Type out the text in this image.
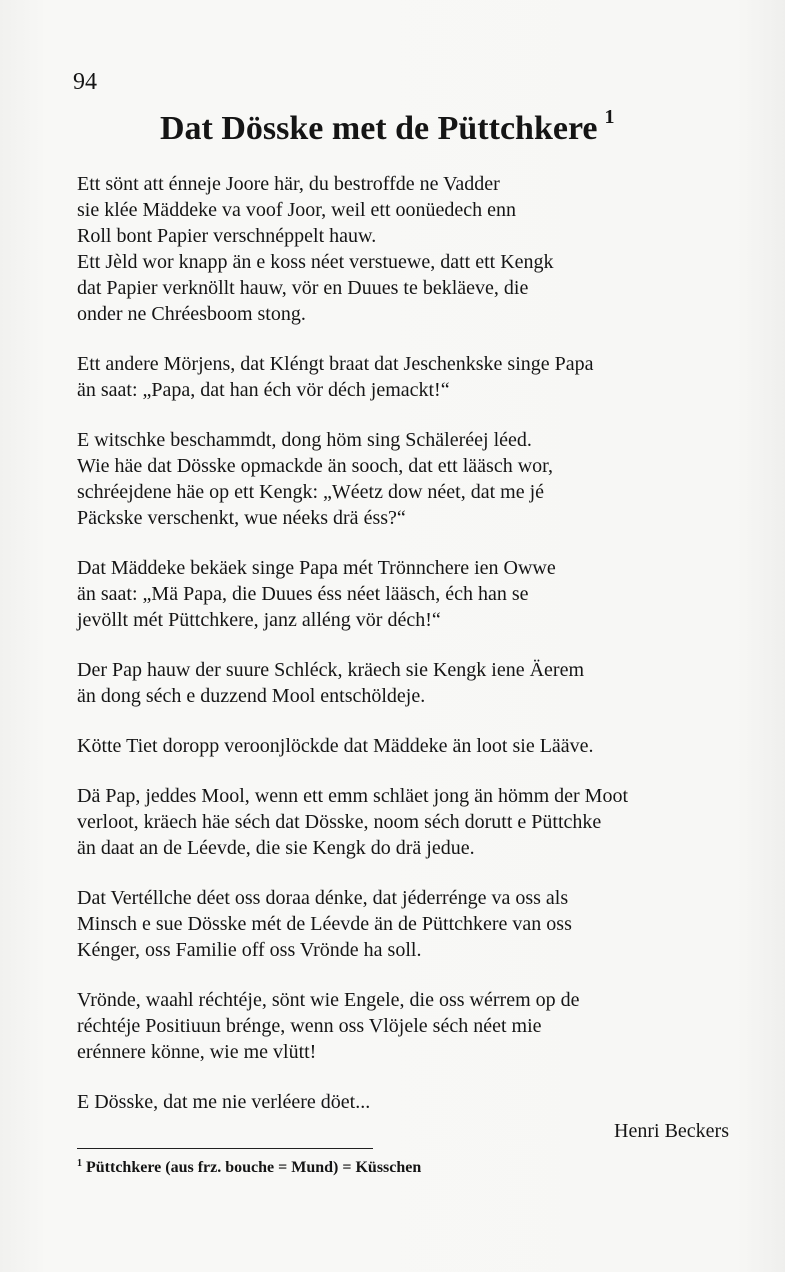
94
Dat Dösske met de Püttchkere $^1$

Ett sönt att énneje Joore här, du bestroffde ne Vadder
sie klée Mäddeke va voof Joor, weil ett oonüedech enn
Roll bont Papier verschnéppelt hauw.
Ett Jèld wor knapp än e koss néet verstuewe, datt ett Kengk
dat Papier verknöllt hauw, vör en Duues te bekläeve, die
onder ne Chréesboom stong.

Ett andere Mörjens, dat Kléngt braat dat Jeschenkske singe Papa
än saat: „Papa, dat han éch vör déch jemackt!“

E witschke beschammdt, dong höm sing Schäleréej léed.
Wie häe dat Dösske opmackde än sooch, dat ett lääsch wor,
schréejdene häe op ett Kengk: „Wéetz dow néet, dat me jé
Päckske verschenkt, wue néeks drä éss?“

Dat Mäddeke bekäek singe Papa mét Trönnchere ien Owwe
än saat: „Mä Papa, die Duues éss néet lääsch, éch han se
jevöllt mét Püttchkere, janz alléng vör déch!“

Der Pap hauw der suure Schléck, kräech sie Kengk iene Äerem
än dong séch e duzzend Mool entschöldeje.

Kötte Tiet doropp veroonjlöckde dat Mäddeke än loot sie Lääve.

Dä Pap, jeddes Mool, wenn ett emm schläet jong än hömm der Moot
verloot, kräech häe séch dat Dösske, noom séch dorutt e Püttchke
än daat an de Léevde, die sie Kengk do drä jedue.

Dat Vertéllche déet oss doraa dénke, dat jéderrénge va oss als
Minsch e sue Dösske mét de Léevde än de Püttchkere van oss
Kénger, oss Familie off oss Vrönde ha soll.

Vrönde, waahl réchtéje, sönt wie Engele, die oss wérrem op de
réchtéje Positiuun brénge, wenn oss Vlöjele séch néet mie
erénnere könne, wie me vlütt!

E Dösske, dat me nie verléere döet...

Henri Beckers
$^1$ Püttchkere (aus frz. bouche = Mund) = Küsschen
